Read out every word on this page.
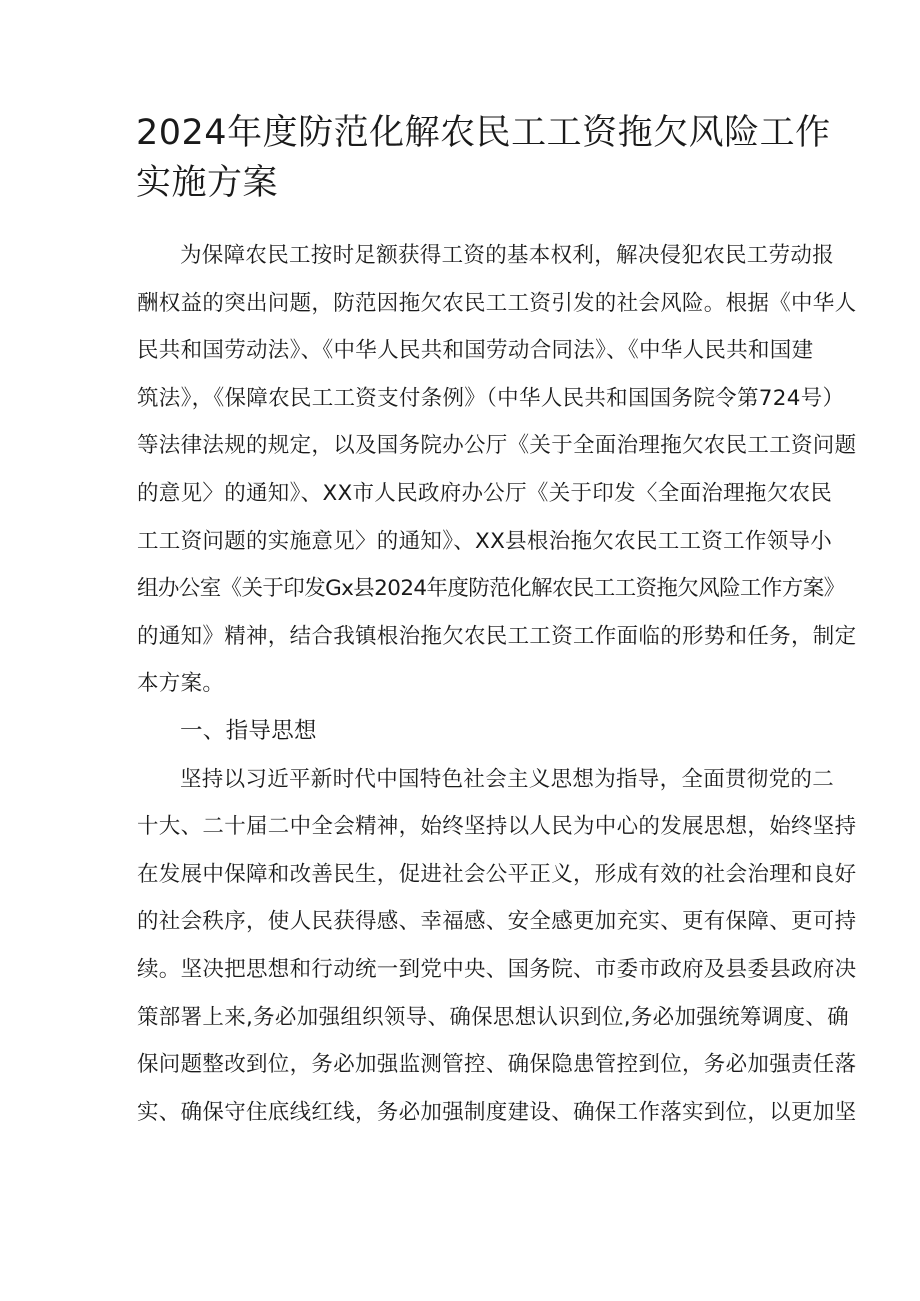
2024年度防范化解农民工工资拖欠风险工作
实施方案
为保障农民工按时足额获得工资的基本权利，解决侵犯农民工劳动报
酬权益的突出问题，防范因拖欠农民工工资引发的社会风险。根据《中华人
民共和国劳动法》、《中华人民共和国劳动合同法》、《中华人民共和国建
筑法》，《保障农民工工资支付条例》（中华人民共和国国务院令第724号）
等法律法规的规定，以及国务院办公厅《关于全面治理拖欠农民工工资问题
的意见〉的通知》、XX市人民政府办公厅《关于印发〈全面治理拖欠农民
工工资问题的实施意见〉的通知》、XX县根治拖欠农民工工资工作领导小
组办公室《关于印发Gx县2024年度防范化解农民工工资拖欠风险工作方案》
的通知》精神，结合我镇根治拖欠农民工工资工作面临的形势和任务，制定
本方案。
一、指导思想
坚持以习近平新时代中国特色社会主义思想为指导，全面贯彻党的二
十大、二十届二中全会精神，始终坚持以人民为中心的发展思想，始终坚持
在发展中保障和改善民生，促进社会公平正义，形成有效的社会治理和良好
的社会秩序，使人民获得感、幸福感、安全感更加充实、更有保障、更可持
续。坚决把思想和行动统一到党中央、国务院、市委市政府及县委县政府决
策部署上来,务必加强组织领导、确保思想认识到位,务必加强统筹调度、确
保问题整改到位，务必加强监测管控、确保隐患管控到位，务必加强责任落
实、确保守住底线红线，务必加强制度建设、确保工作落实到位，以更加坚
